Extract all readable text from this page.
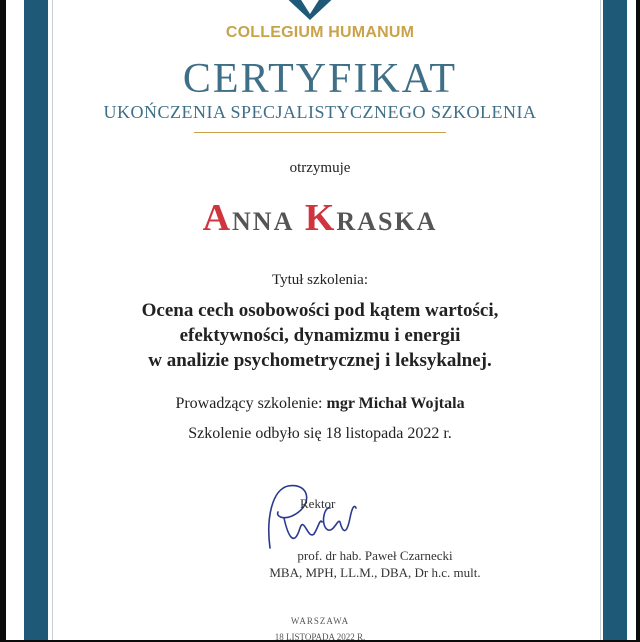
COLLEGIUM HUMANUM
CERTYFIKAT
UKOŃCZENIA SPECJALISTYCZNEGO SZKOLENIA
otrzymuje
ANNA KRASKA
Tytuł szkolenia:
Ocena cech osobowości pod kątem wartości,
efektywności, dynamizmu i energii
w analizie psychometrycznej i leksykalnej.
Prowadzący szkolenie: mgr Michał Wojtala
Szkolenie odbyło się 18 listopada 2022 r.
Rektor
prof. dr hab. Paweł Czarnecki
MBA, MPH, LL.M., DBA, Dr h.c. mult.
WARSZAWA
18 LISTOPADA 2022 R.
